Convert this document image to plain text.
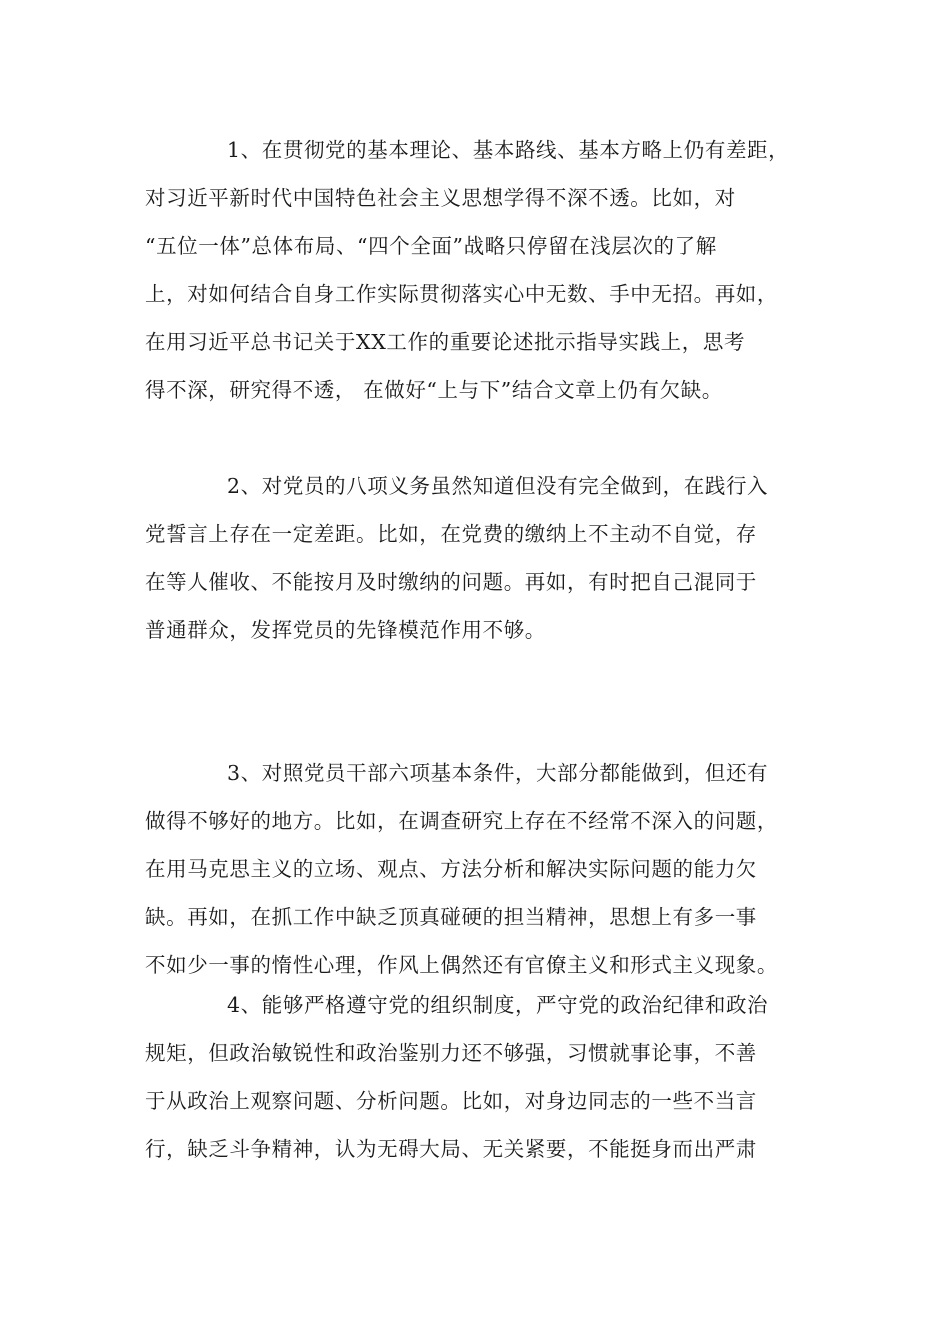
1、在贯彻党的基本理论、基本路线、基本方略上仍有差距，
对习近平新时代中国特色社会主义思想学得不深不透。比如，对
“五位一体”总体布局、“四个全面”战略只停留在浅层次的了解
上，对如何结合自身工作实际贯彻落实心中无数、手中无招。再如，
在用习近平总书记关于XX工作的重要论述批示指导实践上，思考
得不深，研究得不透， 在做好“上与下”结合文章上仍有欠缺。
2、对党员的八项义务虽然知道但没有完全做到，在践行入
党誓言上存在一定差距。比如，在党费的缴纳上不主动不自觉，存
在等人催收、不能按月及时缴纳的问题。再如，有时把自己混同于
普通群众，发挥党员的先锋模范作用不够。
3、对照党员干部六项基本条件，大部分都能做到，但还有
做得不够好的地方。比如，在调查研究上存在不经常不深入的问题，
在用马克思主义的立场、观点、方法分析和解决实际问题的能力欠
缺。再如，在抓工作中缺乏顶真碰硬的担当精神，思想上有多一事
不如少一事的惰性心理，作风上偶然还有官僚主义和形式主义现象。
4、能够严格遵守党的组织制度，严守党的政治纪律和政治
规矩，但政治敏锐性和政治鉴别力还不够强，习惯就事论事，不善
于从政治上观察问题、分析问题。比如，对身边同志的一些不当言
行，缺乏斗争精神，认为无碍大局、无关紧要，不能挺身而出严肃
